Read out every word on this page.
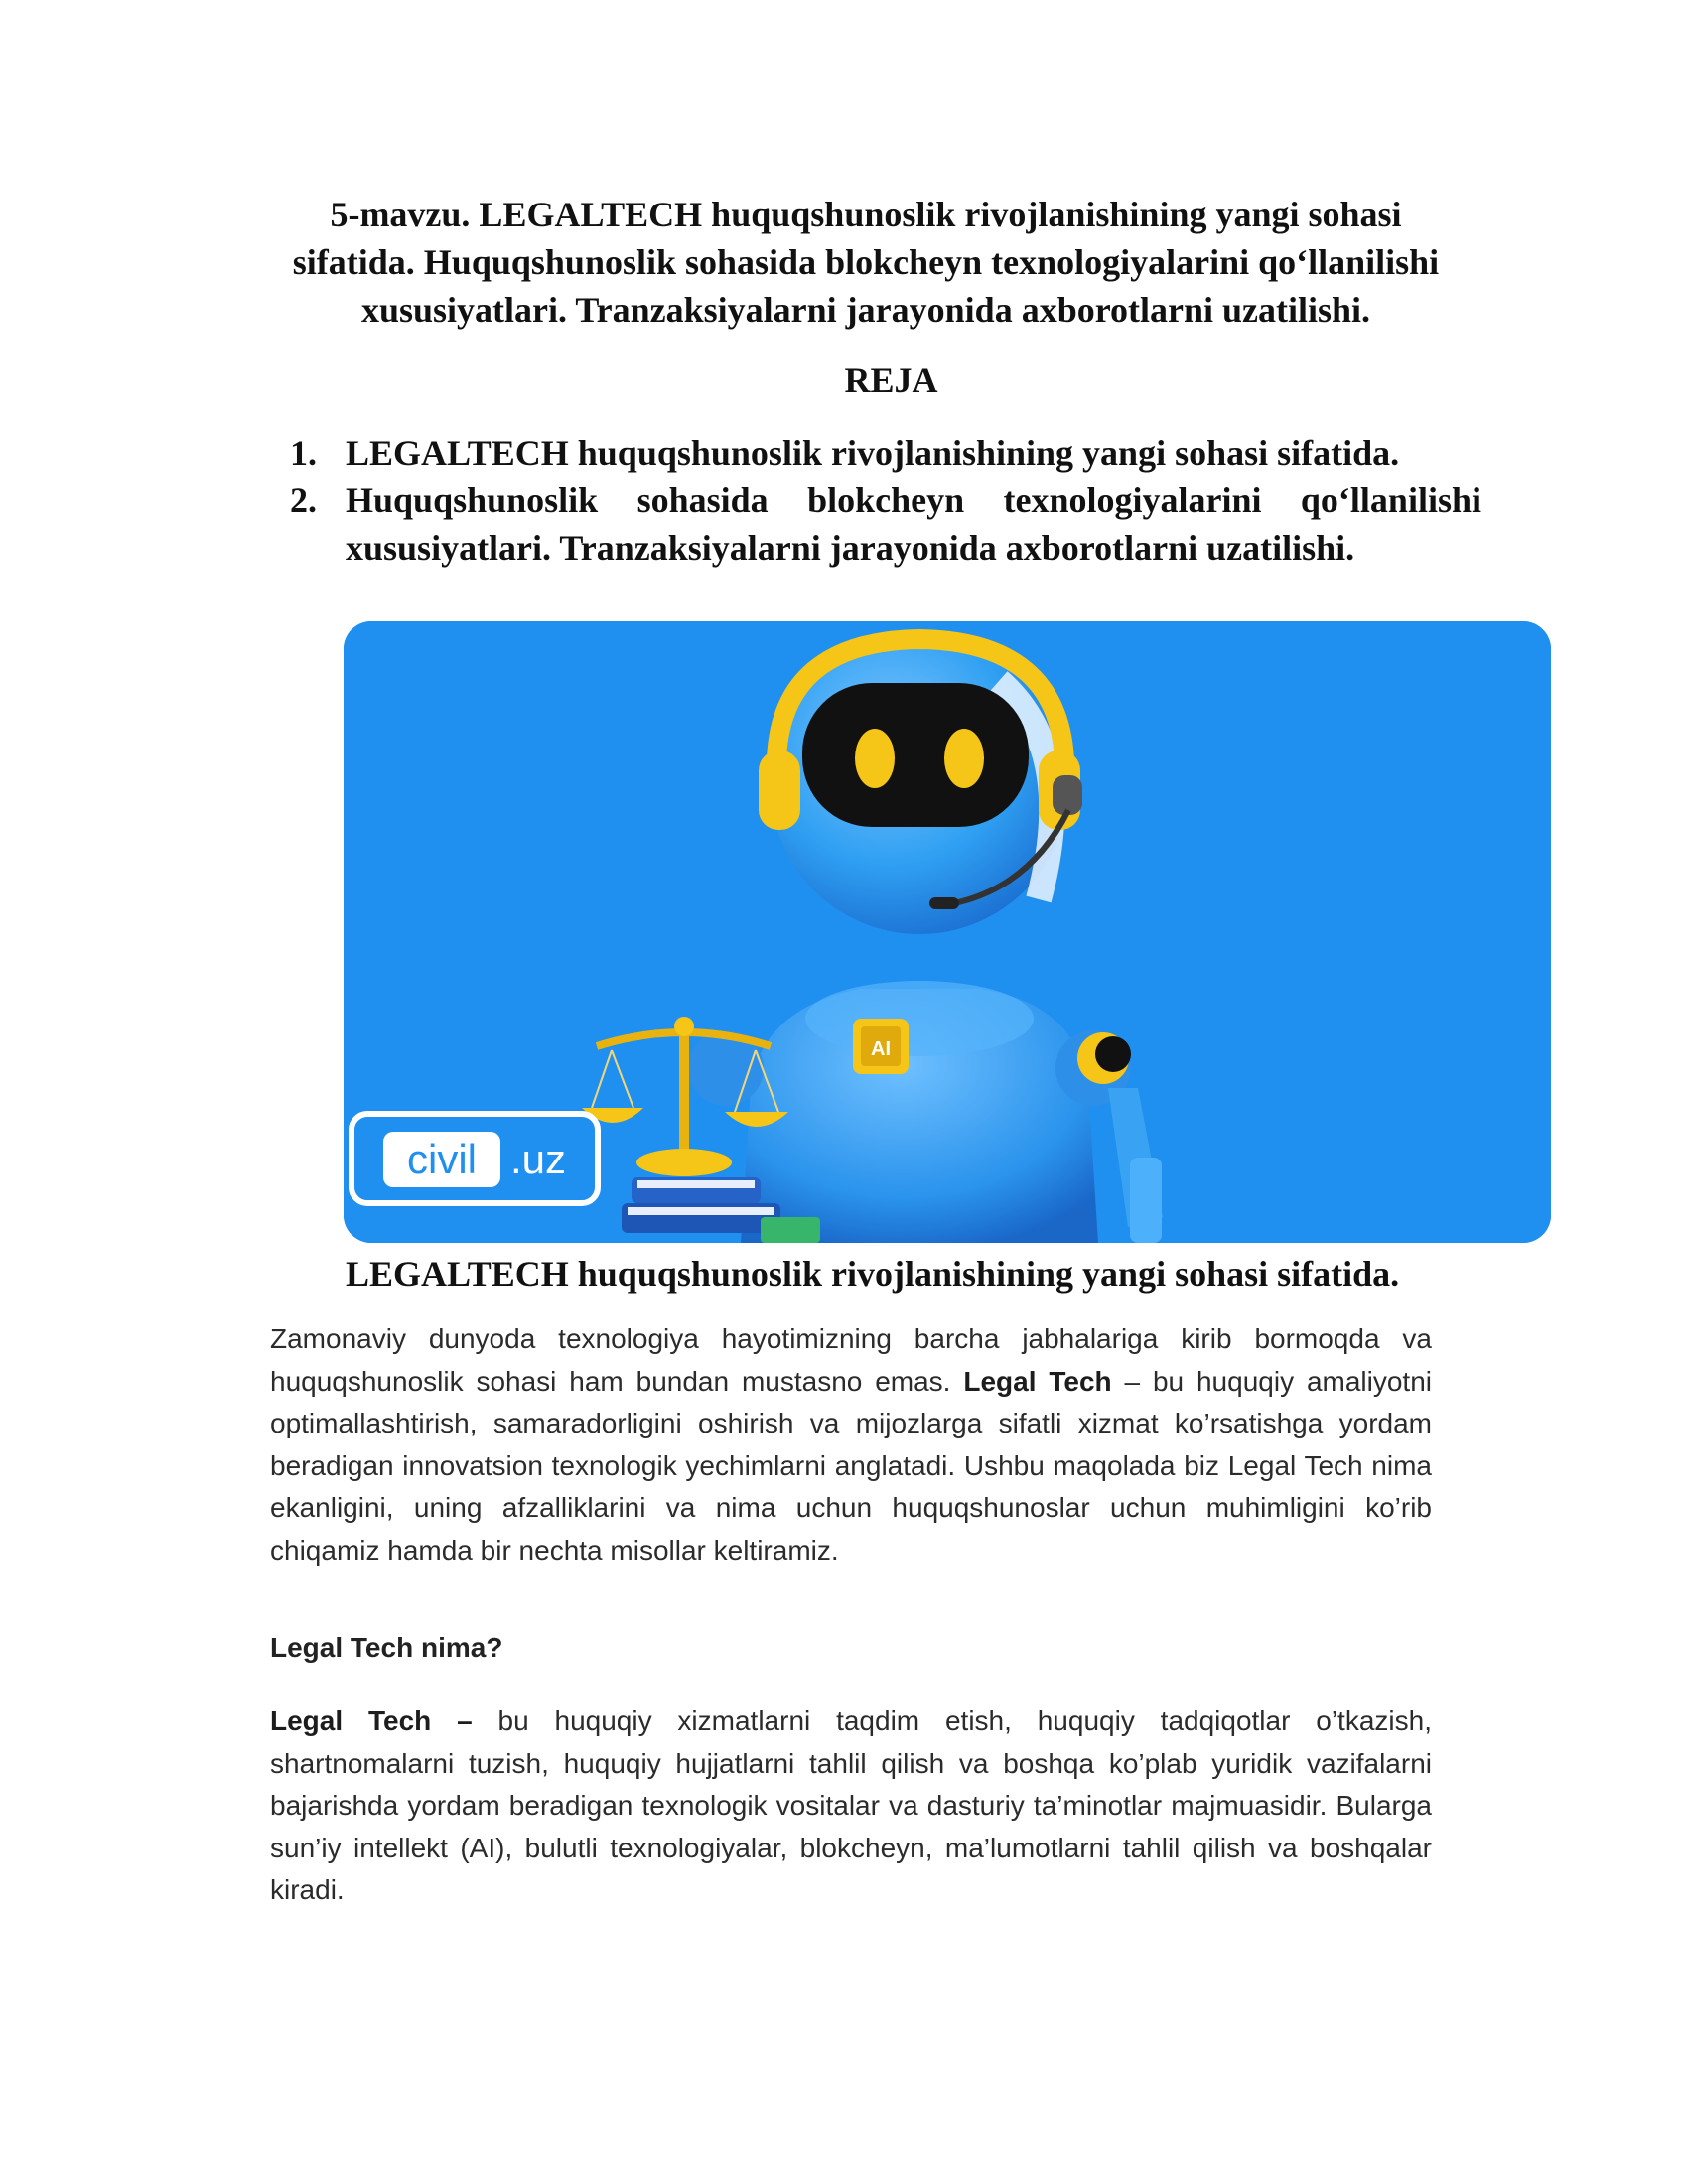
5-mavzu. LEGALTECH huquqshunoslik rivojlanishining yangi sohasi
sifatida. Huquqshunoslik sohasida blokcheyn texnologiyalarini qo‘llanilishi
xususiyatlari. Tranzaksiyalarni jarayonida axborotlarni uzatilishi.
REJA
1. LEGALTECH huquqshunoslik rivojlanishining yangi sohasi sifatida.
2. Huquqshunoslik sohasida blokcheyn texnologiyalarini qo‘llanilishi xususiyatlari. Tranzaksiyalarni jarayonida axborotlarni uzatilishi.
AI
civil .uz
LEGALTECH huquqshunoslik rivojlanishining yangi sohasi sifatida.
Zamonaviy dunyoda texnologiya hayotimizning barcha jabhalariga kirib bormoqda va huquqshunoslik sohasi ham bundan mustasno emas. Legal Tech – bu huquqiy amaliyotni optimallashtirish, samaradorligini oshirish va mijozlarga sifatli xizmat ko’rsatishga yordam beradigan innovatsion texnologik yechimlarni anglatadi. Ushbu maqolada biz Legal Tech nima ekanligini, uning afzalliklarini va nima uchun huquqshunoslar uchun muhimligini ko’rib chiqamiz hamda bir nechta misollar keltiramiz.
Legal Tech nima?
Legal Tech – bu huquqiy xizmatlarni taqdim etish, huquqiy tadqiqotlar o’tkazish, shartnomalarni tuzish, huquqiy hujjatlarni tahlil qilish va boshqa ko’plab yuridik vazifalarni bajarishda yordam beradigan texnologik vositalar va dasturiy ta’minotlar majmuasidir. Bularga sun’iy intellekt (AI), bulutli texnologiyalar, blokcheyn, ma’lumotlarni tahlil qilish va boshqalar kiradi.
